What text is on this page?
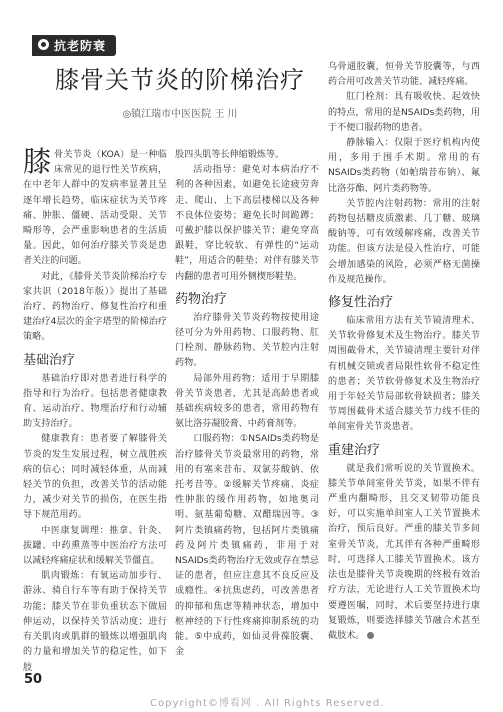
抗老防衰
膝骨关节炎的阶梯治疗
◎镇江瑞市中医医院 王 川

膝骨关节炎（KOA）是一种临床常见的退行性关节疾病，在中老年人群中的发病率显著且呈逐年增长趋势，临床症状为关节疼痛、肿胀、僵硬、活动受限、关节畸形等，会严重影响患者的生活质量。因此，如何治疗膝关节炎是患者关注的问题。

对此，《膝骨关节炎阶梯治疗专家共识（2018年版）》提出了基础治疗、药物治疗、修复性治疗和重建治疗4层次的金字塔型的阶梯治疗策略。

基础治疗

基础治疗即对患者进行科学的指导和行为治疗。包括患者健康教育、运动治疗、物理治疗和行动辅助支持治疗。

健康教育：患者要了解膝骨关节炎的发生发展过程，树立战胜疾病的信心；同时减轻体重，从而减轻关节的负担，改善关节的活动能力，减少对关节的损伤，在医生指导下规范用药。

中医康复调理：推拿、针灸、拔罐、中药熏蒸等中医治疗方法可以减轻疼痛症状和缓解关节僵直。

肌肉锻炼：有氧运动加步行、游泳、骑自行车等有助于保持关节功能；膝关节在非负重状态下做屈伸运动，以保持关节活动度；进行有关肌肉或肌群的锻炼以增强肌肉的力量和增加关节的稳定性，如下肢

股四头肌等长伸缩锻炼等。

活动指导：避免对本病治疗不利的各种因素，如避免长途疲劳奔走、爬山、上下高层楼梯以及各种不良体位姿势；避免长时间跪蹲；可戴护膝以保护膝关节；避免穿高跟鞋，穿比较软、有弹性的“运动鞋”，用适合的鞋垫；对伴有膝关节内翻的患者可用外侧楔形鞋垫。

药物治疗

治疗膝骨关节炎药物按使用途径可分为外用药物、口服药物、肛门栓剂、静脉药物、关节腔内注射药物。

局部外用药物：适用于早期膝骨关节炎患者，尤其是高龄患者或基础疾病较多的患者，常用药物有氨比洛芬凝胶膏、中药膏剂等。

口服药物：①NSAIDs类药物是治疗膝骨关节炎最常用的药物，常用的有塞来昔布、双氯芬酸钠、依托考昔等。②缓解关节疼痛、炎症性肿胀的缓作用药物，如地奥司明、氨基葡萄糖、双醋瑞因等。③阿片类镇痛药物，包括阿片类镇痛药及阿片类镇痛药，非用于对NSAIDs类药物治疗无效或存在禁忌证的患者，但应注意其不良反应及成瘾性。④抗焦虑药，可改善患者的抑郁和焦虑等精神状态，增加中枢神经的下行性疼痛抑制系统的功能。⑤中成药，如仙灵骨葆胶囊、金

乌骨通胶囊，恒骨关节胶囊等，与西药合用可改善关节功能、减轻疼痛。

肛门栓剂：具有吸收快、起效快的特点，常用的是NSAIDs类药物，用于不便口服药物的患者。

静脉输入：仅限于医疗机构内使用，多用于围手术期。常用的有NSAIDs类药物（如帕瑞昔布钠）、氟比洛芬酯、阿片类药物等。

关节腔内注射药物：常用的注射药物包括糖皮质激素、几丁糖、玻璃酸钠等，可有效缓解疼痛，改善关节功能。但该方法是侵入性治疗，可能会增加感染的风险，必须严格无菌操作及规范操作。

修复性治疗

临床常用方法有关节镜清理术、关节软骨修复术及生物治疗。膝关节周围截骨术，关节镜清理主要针对伴有机械交锁或者局限性软骨不稳定性的患者；关节软骨修复术及生物治疗用于年轻关节局部软骨缺损者；膝关节周围截骨术适合膝关节力线不佳的单间室骨关节炎患者。

重建治疗

就是我们常听说的关节置换术。膝关节单间室骨关节炎，如果不伴有严重内翻畸形，且交叉韧带功能良好，可以实施单间室人工关节置换术治疗，预后良好。严重的膝关节多间室骨关节炎，尤其伴有各种严重畸形时，可选择人工膝关节置换术。该方法也是膝骨关节炎晚期的终极有效治疗方法，无论进行人工关节置换术均要遵医嘱，同时，术后要坚持进行康复锻炼，则要选择膝关节融合术甚至截肢术。

50
Copyright©博看网 . All Rights Reserved.
